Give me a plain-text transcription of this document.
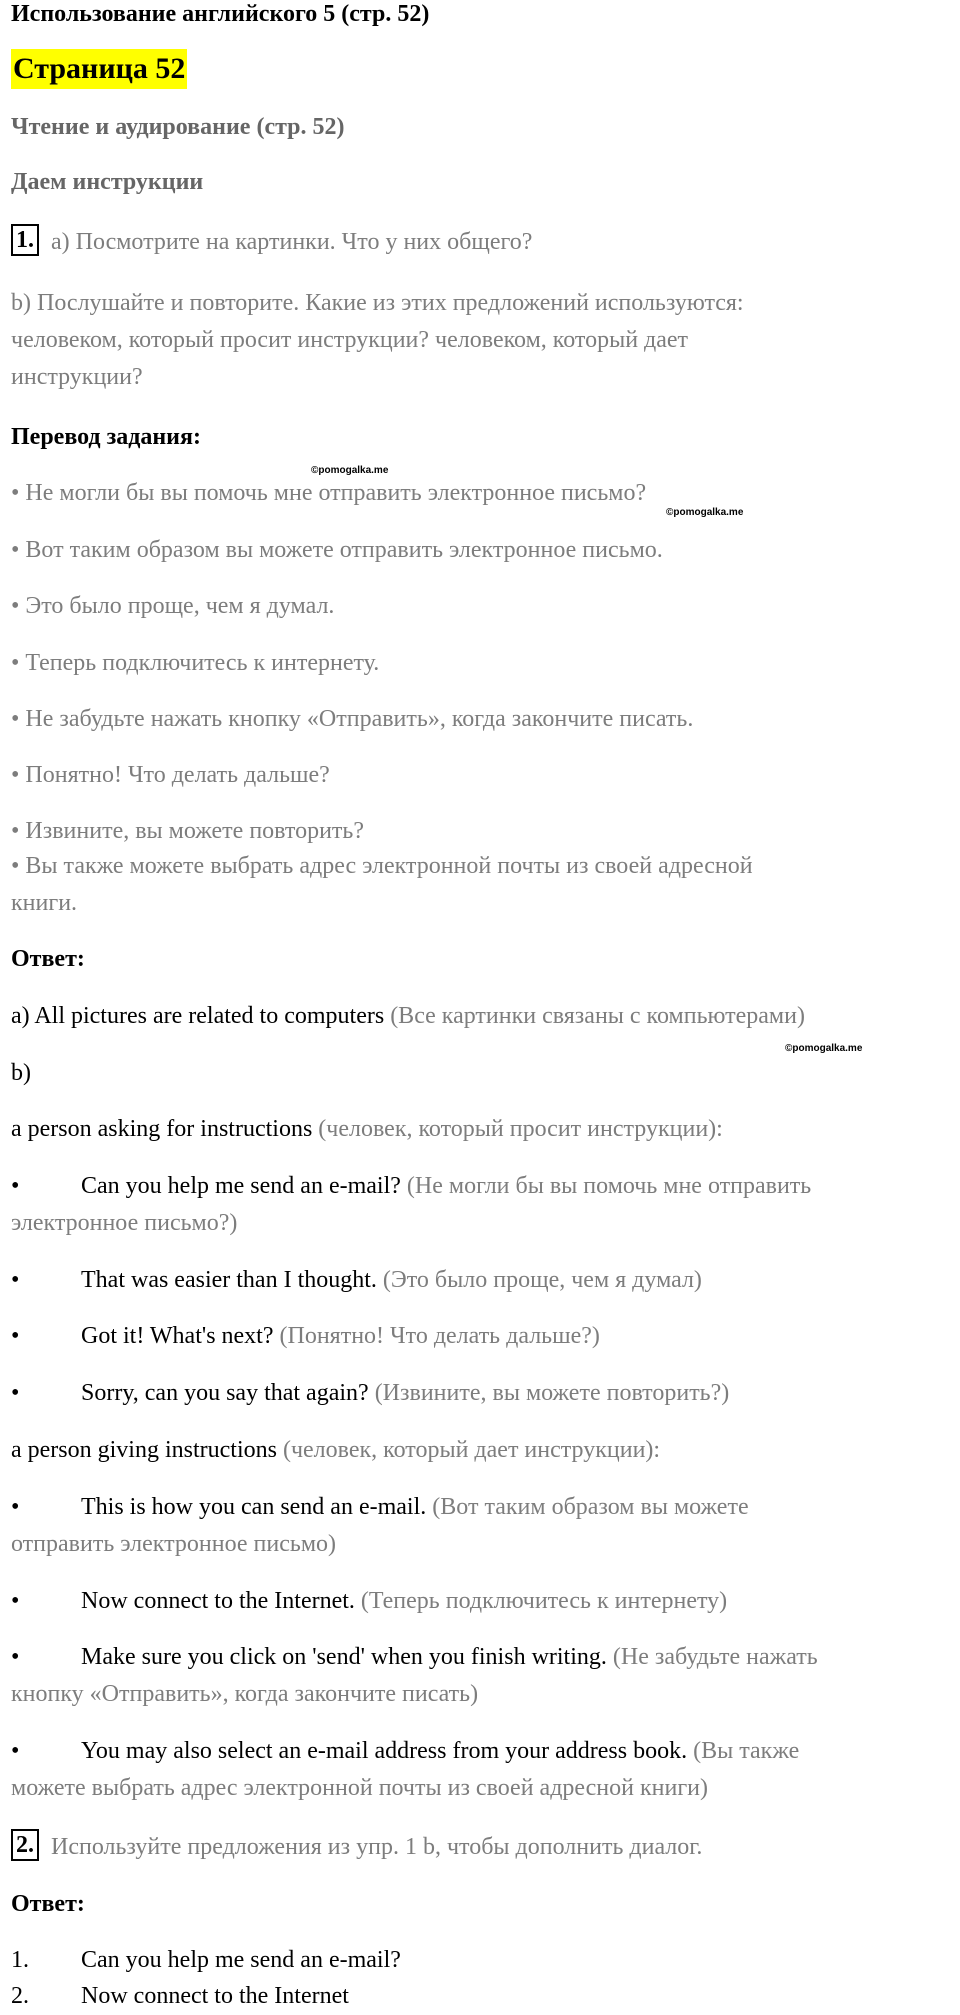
Использование английского 5 (стр. 52)
Страница 52
Чтение и аудирование (стр. 52)
Даем инструкции
1. а) Посмотрите на картинки. Что у них общего?
b) Послушайте и повторите. Какие из этих предложений используются:
человеком, который просит инструкции? человеком, который дает
инструкции?
Перевод задания:
©pomogalka.me
• Не могли бы вы помочь мне отправить электронное письмо?
©pomogalka.me
• Вот таким образом вы можете отправить электронное письмо.
• Это было проще, чем я думал.
• Теперь подключитесь к интернету.
• Не забудьте нажать кнопку «Отправить», когда закончите писать.
• Понятно! Что делать дальше?
• Извините, вы можете повторить?
• Вы также можете выбрать адрес электронной почты из своей адресной
книги.
Ответ:
a) All pictures are related to computers (Все картинки связаны с компьютерами)
©pomogalka.me
b)
a person asking for instructions (человек, который просит инструкции):
•	Can you help me send an e-mail? (Не могли бы вы помочь мне отправить
электронное письмо?)
•	That was easier than I thought. (Это было проще, чем я думал)
•	Got it! What's next? (Понятно! Что делать дальше?)
•	Sorry, can you say that again? (Извините, вы можете повторить?)
a person giving instructions (человек, который дает инструкции):
•	This is how you can send an e-mail. (Вот таким образом вы можете
отправить электронное письмо)
•	Now connect to the Internet. (Теперь подключитесь к интернету)
•	Make sure you click on 'send' when you finish writing. (Не забудьте нажать
кнопку «Отправить», когда закончите писать)
•	You may also select an e-mail address from your address book. (Вы также
можете выбрать адрес электронной почты из своей адресной книги)
2. Используйте предложения из упр. 1 b, чтобы дополнить диалог.
Ответ:
1. Can you help me send an e-mail?
2. Now connect to the Internet
